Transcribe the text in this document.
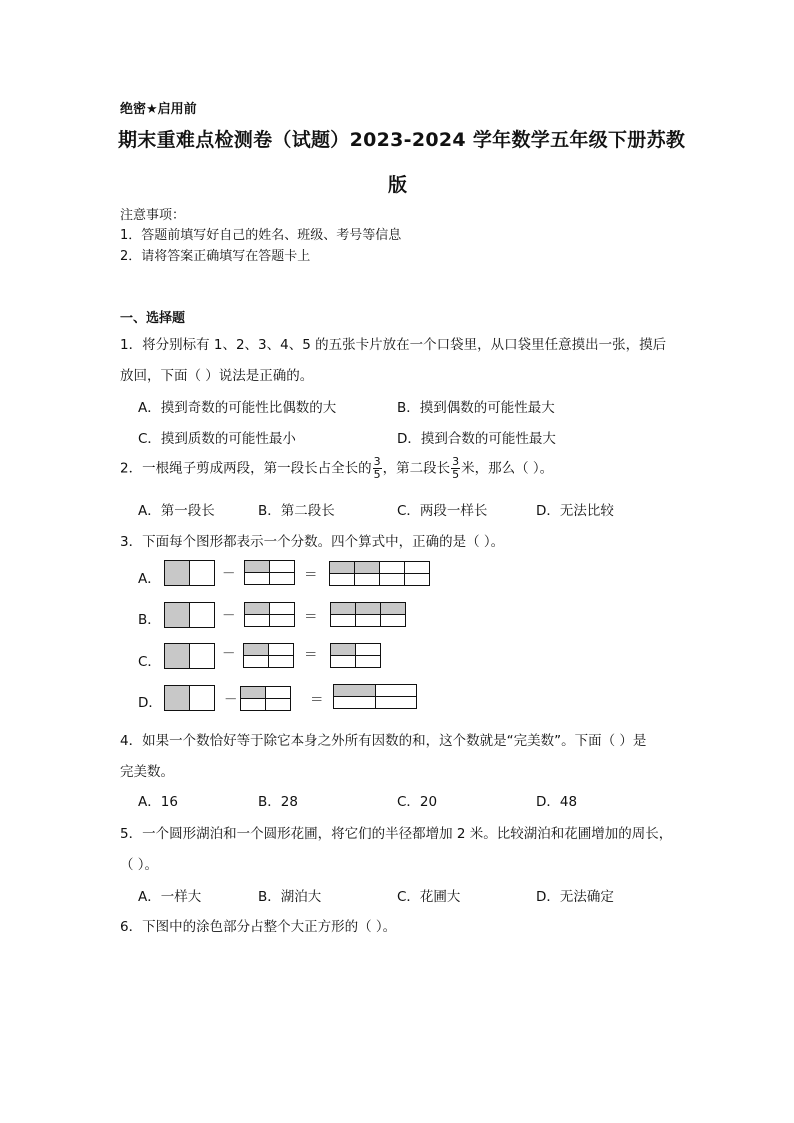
绝密★启用前
期末重难点检测卷（试题）2023-2024 学年数学五年级下册苏教
版
注意事项：
1．答题前填写好自己的姓名、班级、考号等信息
2．请将答案正确填写在答题卡上
一、选择题
1．将分别标有 1、2、3、4、5 的五张卡片放在一个口袋里，从口袋里任意摸出一张，摸后
放回，下面（ ）说法是正确的。
A．摸到奇数的可能性比偶数的大	B．摸到偶数的可能性最大
C．摸到质数的可能性最小	D．摸到合数的可能性最大
2．一根绳子剪成两段，第一段长占全长的 $\frac{3}{5}$ ，第二段长 $\frac{3}{5}$ 米，那么（ ）。
A．第一段长	B．第二段长	C．两段一样长	D．无法比较
3．下面每个图形都表示一个分数。四个算式中，正确的是（ ）。
A．	－	＝
B．	－	＝
C．	－	＝
D．	－	＝
4．如果一个数恰好等于除它本身之外所有因数的和，这个数就是“完美数”。下面（ ）是
完美数。
A．16	B．28	C．20	D．48
5．一个圆形湖泊和一个圆形花圃，将它们的半径都增加 2 米。比较湖泊和花圃增加的周长，
（ ）。
A．一样大	B．湖泊大	C．花圃大	D．无法确定
6．下图中的涂色部分占整个大正方形的（ ）。
